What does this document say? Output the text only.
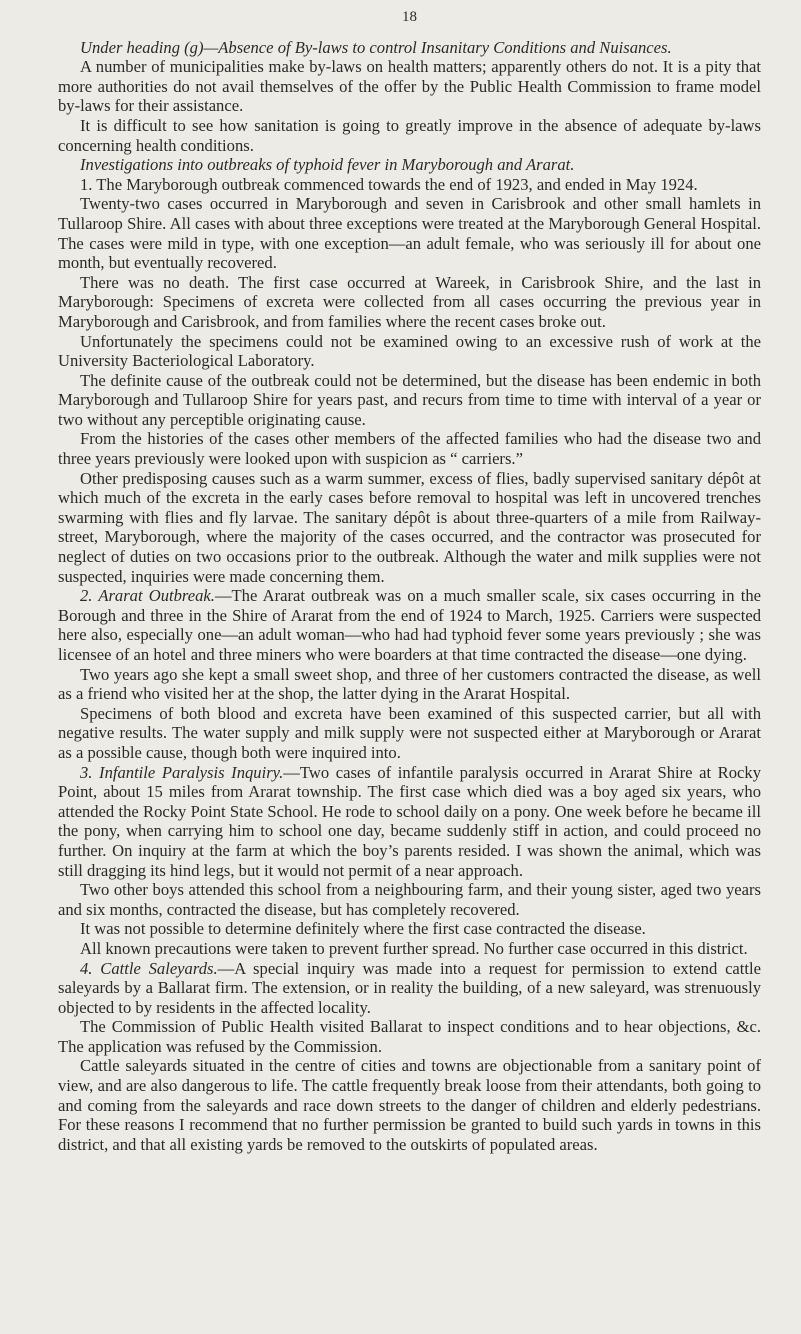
18

Under heading (g)—Absence of By-laws to control Insanitary Conditions and Nuisances.

A number of municipalities make by-laws on health matters; apparently others do not. It is a pity that more authorities do not avail themselves of the offer by the Public Health Commission to frame model by-laws for their assistance.

It is difficult to see how sanitation is going to greatly improve in the absence of adequate by-laws concerning health conditions.

Investigations into outbreaks of typhoid fever in Maryborough and Ararat.

1. The Maryborough outbreak commenced towards the end of 1923, and ended in May 1924.

Twenty-two cases occurred in Maryborough and seven in Carisbrook and other small hamlets in Tullaroop Shire. All cases with about three exceptions were treated at the Maryborough General Hospital. The cases were mild in type, with one exception—an adult female, who was seriously ill for about one month, but eventually recovered.

There was no death. The first case occurred at Wareek, in Carisbrook Shire, and the last in Maryborough: Specimens of excreta were collected from all cases occurring the previous year in Maryborough and Carisbrook, and from families where the recent cases broke out.

Unfortunately the specimens could not be examined owing to an excessive rush of work at the University Bacteriological Laboratory.

The definite cause of the outbreak could not be determined, but the disease has been endemic in both Maryborough and Tullaroop Shire for years past, and recurs from time to time with interval of a year or two without any perceptible originating cause.

From the histories of the cases other members of the affected families who had the disease two and three years previously were looked upon with suspicion as “ carriers.”

Other predisposing causes such as a warm summer, excess of flies, badly supervised sanitary dépôt at which much of the excreta in the early cases before removal to hospital was left in uncovered trenches swarming with flies and fly larvae. The sanitary dépôt is about three-quarters of a mile from Railway-street, Maryborough, where the majority of the cases occurred, and the contractor was prosecuted for neglect of duties on two occasions prior to the outbreak. Although the water and milk supplies were not suspected, inquiries were made concerning them.

2. Ararat Outbreak.—The Ararat outbreak was on a much smaller scale, six cases occurring in the Borough and three in the Shire of Ararat from the end of 1924 to March, 1925. Carriers were suspected here also, especially one—an adult woman—who had had typhoid fever some years previously ; she was licensee of an hotel and three miners who were boarders at that time contracted the disease—one dying.

Two years ago she kept a small sweet shop, and three of her customers contracted the disease, as well as a friend who visited her at the shop, the latter dying in the Ararat Hospital.

Specimens of both blood and excreta have been examined of this suspected carrier, but all with negative results. The water supply and milk supply were not suspected either at Maryborough or Ararat as a possible cause, though both were inquired into.

3. Infantile Paralysis Inquiry.—Two cases of infantile paralysis occurred in Ararat Shire at Rocky Point, about 15 miles from Ararat township. The first case which died was a boy aged six years, who attended the Rocky Point State School. He rode to school daily on a pony. One week before he became ill the pony, when carrying him to school one day, became suddenly stiff in action, and could proceed no further. On inquiry at the farm at which the boy’s parents resided. I was shown the animal, which was still dragging its hind legs, but it would not permit of a near approach.

Two other boys attended this school from a neighbouring farm, and their young sister, aged two years and six months, contracted the disease, but has completely recovered.

It was not possible to determine definitely where the first case contracted the disease.

All known precautions were taken to prevent further spread. No further case occurred in this district.

4. Cattle Saleyards.—A special inquiry was made into a request for permission to extend cattle saleyards by a Ballarat firm. The extension, or in reality the building, of a new saleyard, was strenuously objected to by residents in the affected locality.

The Commission of Public Health visited Ballarat to inspect conditions and to hear objections, &c. The application was refused by the Commission.

Cattle saleyards situated in the centre of cities and towns are objectionable from a sanitary point of view, and are also dangerous to life. The cattle frequently break loose from their attendants, both going to and coming from the saleyards and race down streets to the danger of children and elderly pedestrians. For these reasons I recommend that no further permission be granted to build such yards in towns in this district, and that all existing yards be removed to the outskirts of populated areas.
